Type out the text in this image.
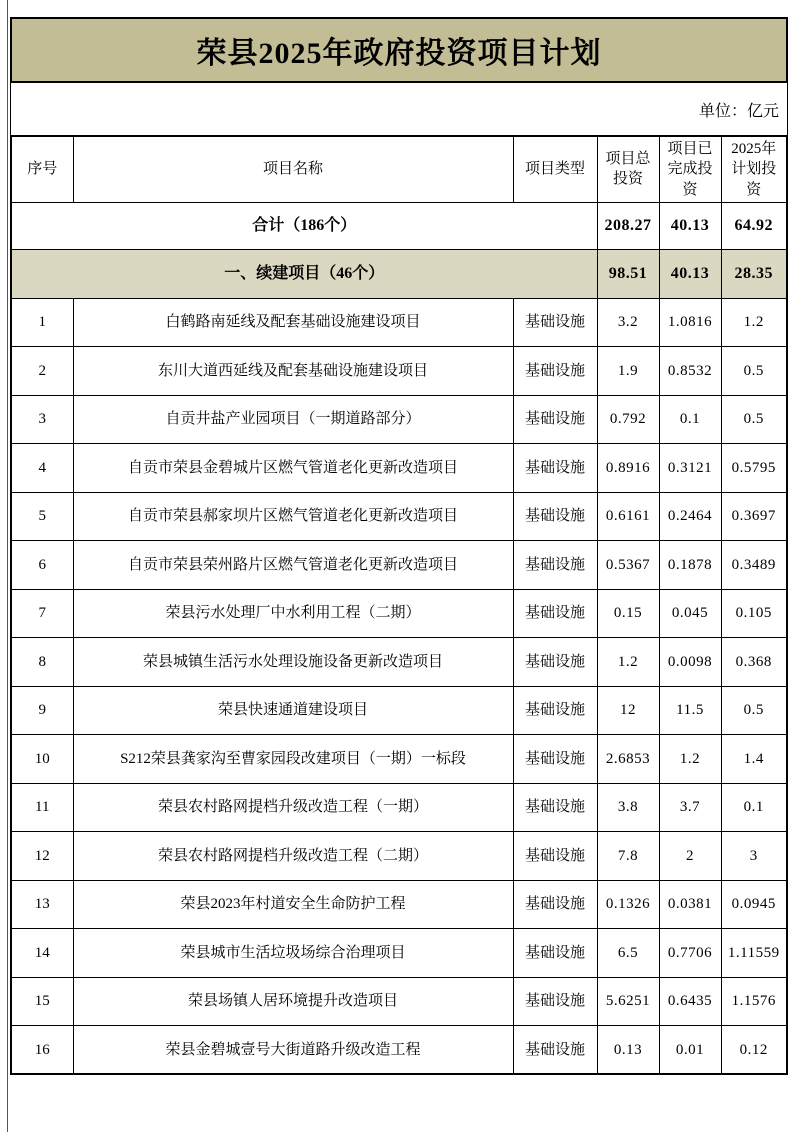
荣县2025年政府投资项目计划
单位：亿元
序号	项目名称	项目类型	项目总投资	项目已完成投资	2025年计划投资
合计（186个）			208.27	40.13	64.92
一、续建项目（46个）			98.51	40.13	28.35
1	白鹤路南延线及配套基础设施建设项目	基础设施	3.2	1.0816	1.2
2	东川大道西延线及配套基础设施建设项目	基础设施	1.9	0.8532	0.5
3	自贡井盐产业园项目（一期道路部分）	基础设施	0.792	0.1	0.5
4	自贡市荣县金碧城片区燃气管道老化更新改造项目	基础设施	0.8916	0.3121	0.5795
5	自贡市荣县郝家坝片区燃气管道老化更新改造项目	基础设施	0.6161	0.2464	0.3697
6	自贡市荣县荣州路片区燃气管道老化更新改造项目	基础设施	0.5367	0.1878	0.3489
7	荣县污水处理厂中水利用工程（二期）	基础设施	0.15	0.045	0.105
8	荣县城镇生活污水处理设施设备更新改造项目	基础设施	1.2	0.0098	0.368
9	荣县快速通道建设项目	基础设施	12	11.5	0.5
10	S212荣县龚家沟至曹家园段改建项目（一期）一标段	基础设施	2.6853	1.2	1.4
11	荣县农村路网提档升级改造工程（一期）	基础设施	3.8	3.7	0.1
12	荣县农村路网提档升级改造工程（二期）	基础设施	7.8	2	3
13	荣县2023年村道安全生命防护工程	基础设施	0.1326	0.0381	0.0945
14	荣县城市生活垃圾场综合治理项目	基础设施	6.5	0.7706	1.11559
15	荣县场镇人居环境提升改造项目	基础设施	5.6251	0.6435	1.1576
16	荣县金碧城壹号大街道路升级改造工程	基础设施	0.13	0.01	0.12
